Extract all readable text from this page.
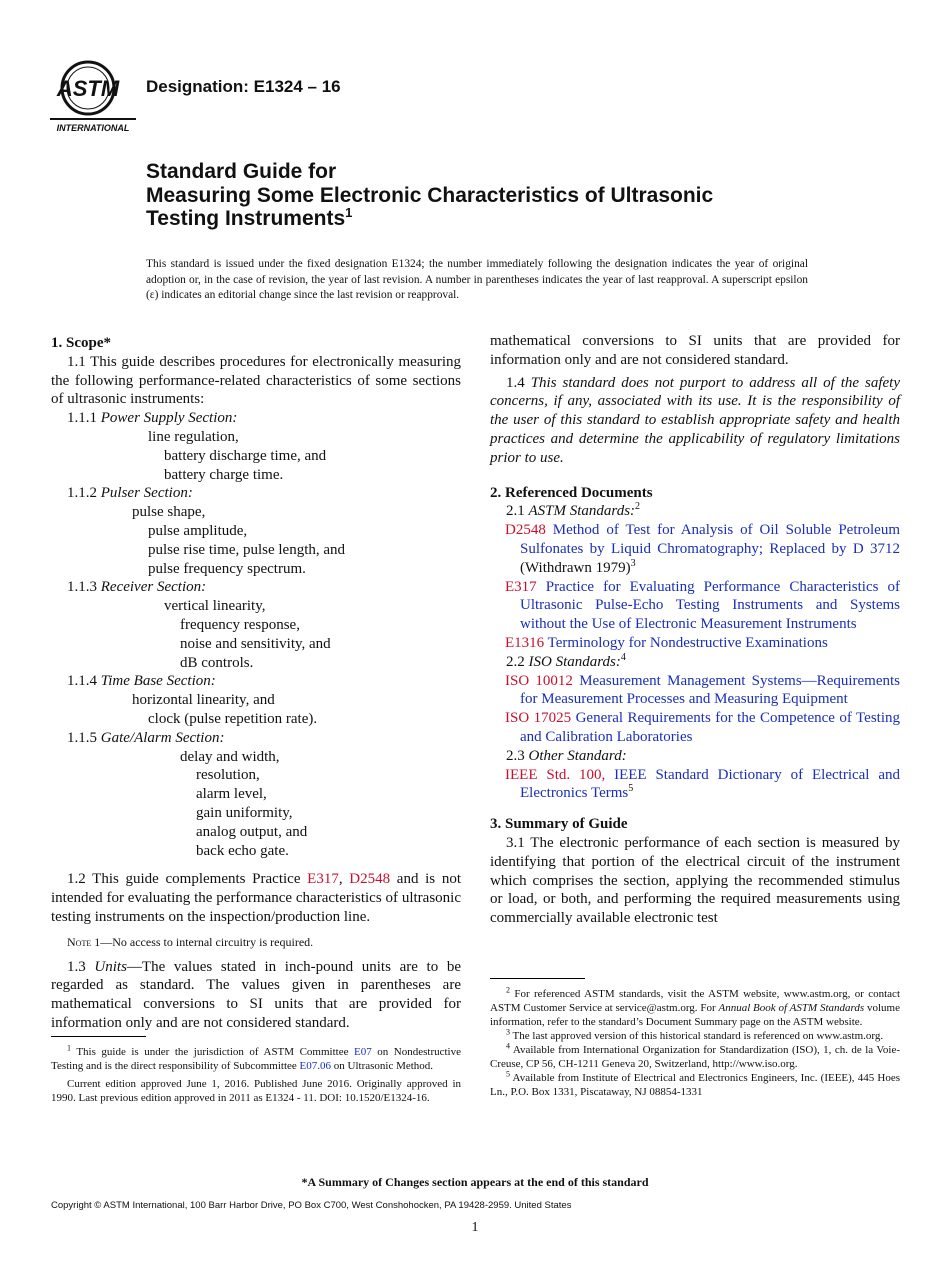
ASTM
INTERNATIONAL
Designation: E1324 – 16
Standard Guide for
Measuring Some Electronic Characteristics of Ultrasonic
Testing Instruments$^1$
This standard is issued under the fixed designation E1324; the number immediately following the designation indicates the year of original adoption or, in the case of revision, the year of last revision. A number in parentheses indicates the year of last reapproval. A superscript epsilon (ε) indicates an editorial change since the last revision or reapproval.

1. Scope*

1.1 This guide describes procedures for electronically measuring the following performance-related characteristics of some sections of ultrasonic instruments:

1.1.1 Power Supply Section:
line regulation,
battery discharge time, and
battery charge time.
1.1.2 Pulser Section:
pulse shape,
pulse amplitude,
pulse rise time, pulse length, and
pulse frequency spectrum.
1.1.3 Receiver Section:
vertical linearity,
frequency response,
noise and sensitivity, and
dB controls.
1.1.4 Time Base Section:
horizontal linearity, and
clock (pulse repetition rate).
1.1.5 Gate/Alarm Section:
delay and width,
resolution,
alarm level,
gain uniformity,
analog output, and
back echo gate.

1.2 This guide complements Practice E317, D2548 and is not intended for evaluating the performance characteristics of ultrasonic testing instruments on the inspection/production line.

Note 1—No access to internal circuitry is required.

1.3 Units—The values stated in inch-pound units are to be regarded as standard. The values given in parentheses are mathematical conversions to SI units that are provided for information only and are not considered standard.

$^1$ This guide is under the jurisdiction of ASTM Committee E07 on Nondestructive Testing and is the direct responsibility of Subcommittee E07.06 on Ultrasonic Method.

Current edition approved June 1, 2016. Published June 2016. Originally approved in 1990. Last previous edition approved in 2011 as E1324 - 11. DOI: 10.1520/E1324-16.

mathematical conversions to SI units that are provided for information only and are not considered standard.

1.4 This standard does not purport to address all of the safety concerns, if any, associated with its use. It is the responsibility of the user of this standard to establish appropriate safety and health practices and determine the applicability of regulatory limitations prior to use.

2. Referenced Documents

2.1 ASTM Standards:$^2$

D2548 Method of Test for Analysis of Oil Soluble Petroleum Sulfonates by Liquid Chromatography; Replaced by D 3712 (Withdrawn 1979)$^3$

E317 Practice for Evaluating Performance Characteristics of Ultrasonic Pulse-Echo Testing Instruments and Systems without the Use of Electronic Measurement Instruments

E1316 Terminology for Nondestructive Examinations

2.2 ISO Standards:$^4$

ISO 10012 Measurement Management Systems—Requirements for Measurement Processes and Measuring Equipment

ISO 17025 General Requirements for the Competence of Testing and Calibration Laboratories

2.3 Other Standard:

IEEE Std. 100, IEEE Standard Dictionary of Electrical and Electronics Terms$^5$

3. Summary of Guide

3.1 The electronic performance of each section is measured by identifying that portion of the electrical circuit of the instrument which comprises the section, applying the recommended stimulus or load, or both, and performing the required measurements using commercially available electronic test

$^2$ For referenced ASTM standards, visit the ASTM website, www.astm.org, or contact ASTM Customer Service at service@astm.org. For Annual Book of ASTM Standards volume information, refer to the standard’s Document Summary page on the ASTM website.

$^3$ The last approved version of this historical standard is referenced on www.astm.org.

$^4$ Available from International Organization for Standardization (ISO), 1, ch. de la Voie-Creuse, CP 56, CH-1211 Geneva 20, Switzerland, http://www.iso.org.

$^5$ Available from Institute of Electrical and Electronics Engineers, Inc. (IEEE), 445 Hoes Ln., P.O. Box 1331, Piscataway, NJ 08854-1331

*A Summary of Changes section appears at the end of this standard
Copyright © ASTM International, 100 Barr Harbor Drive, PO Box C700, West Conshohocken, PA 19428-2959. United States
1
